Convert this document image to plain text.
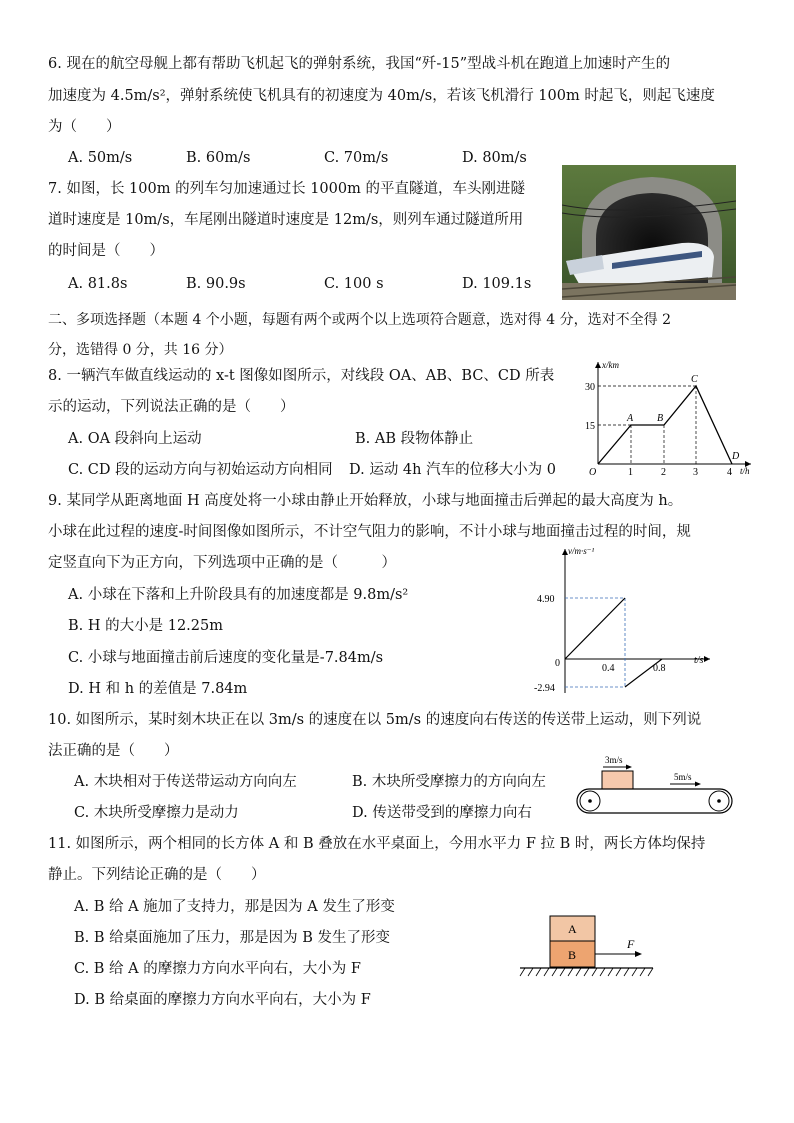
6. 现在的航空母舰上都有帮助飞机起飞的弹射系统，我国“歼-15”型战斗机在跑道上加速时产生的
加速度为 4.5m/s²，弹射系统使飞机具有的初速度为 40m/s，若该飞机滑行 100m 时起飞，则起飞速度
为（　　）
A. 50m/s	B. 60m/s	C. 70m/s	D. 80m/s
7. 如图，长 100m 的列车匀加速通过长 1000m 的平直隧道，车头刚进隧
道时速度是 10m/s，车尾刚出隧道时速度是 12m/s，则列车通过隧道所用
的时间是（　　）
A. 81.8s	B. 90.9s	C. 100 s	D. 109.1s
二、多项选择题（本题 4 个小题，每题有两个或两个以上选项符合题意，选对得 4 分，选对不全得 2
分，选错得 0 分，共 16 分）
8. 一辆汽车做直线运动的 x-t 图像如图所示，对线段 OA、AB、BC、CD 所表
示的运动，下列说法正确的是（　　）
A. OA 段斜向上运动	B. AB 段物体静止
C. CD 段的运动方向与初始运动方向相同 D. 运动 4h 汽车的位移大小为 0
x/km
t/h
30
15
O	1	2	3	4
A B
C
D
9. 某同学从距离地面 H 高度处将一小球由静止开始释放，小球与地面撞击后弹起的最大高度为 h。
小球在此过程的速度-时间图像如图所示，不计空气阻力的影响，不计小球与地面撞击过程的时间，规
定竖直向下为正方向，下列选项中正确的是（　　　）
A. 小球在下落和上升阶段具有的加速度都是 9.8m/s²
B. H 的大小是 12.25m
C. 小球与地面撞击前后速度的变化量是-7.84m/s
D. H 和 h 的差值是 7.84m
v/m·s⁻¹
t/s
4.90
-2.94
0	0.4	0.8
10. 如图所示，某时刻木块正在以 3m/s 的速度在以 5m/s 的速度向右传送的传送带上运动，则下列说
法正确的是（　　）
A. 木块相对于传送带运动方向向左	B. 木块所受摩擦力的方向向左
C. 木块所受摩擦力是动力	D. 传送带受到的摩擦力向右
3m/s
5m/s
11. 如图所示，两个相同的长方体 A 和 B 叠放在水平桌面上，今用水平力 F 拉 B 时，两长方体均保持
静止。下列结论正确的是（　　）
A. B 给 A 施加了支持力，那是因为 A 发生了形变
B. B 给桌面施加了压力，那是因为 B 发生了形变
C. B 给 A 的摩擦力方向水平向右，大小为 F
D. B 给桌面的摩擦力方向水平向右，大小为 F
A
B
F
